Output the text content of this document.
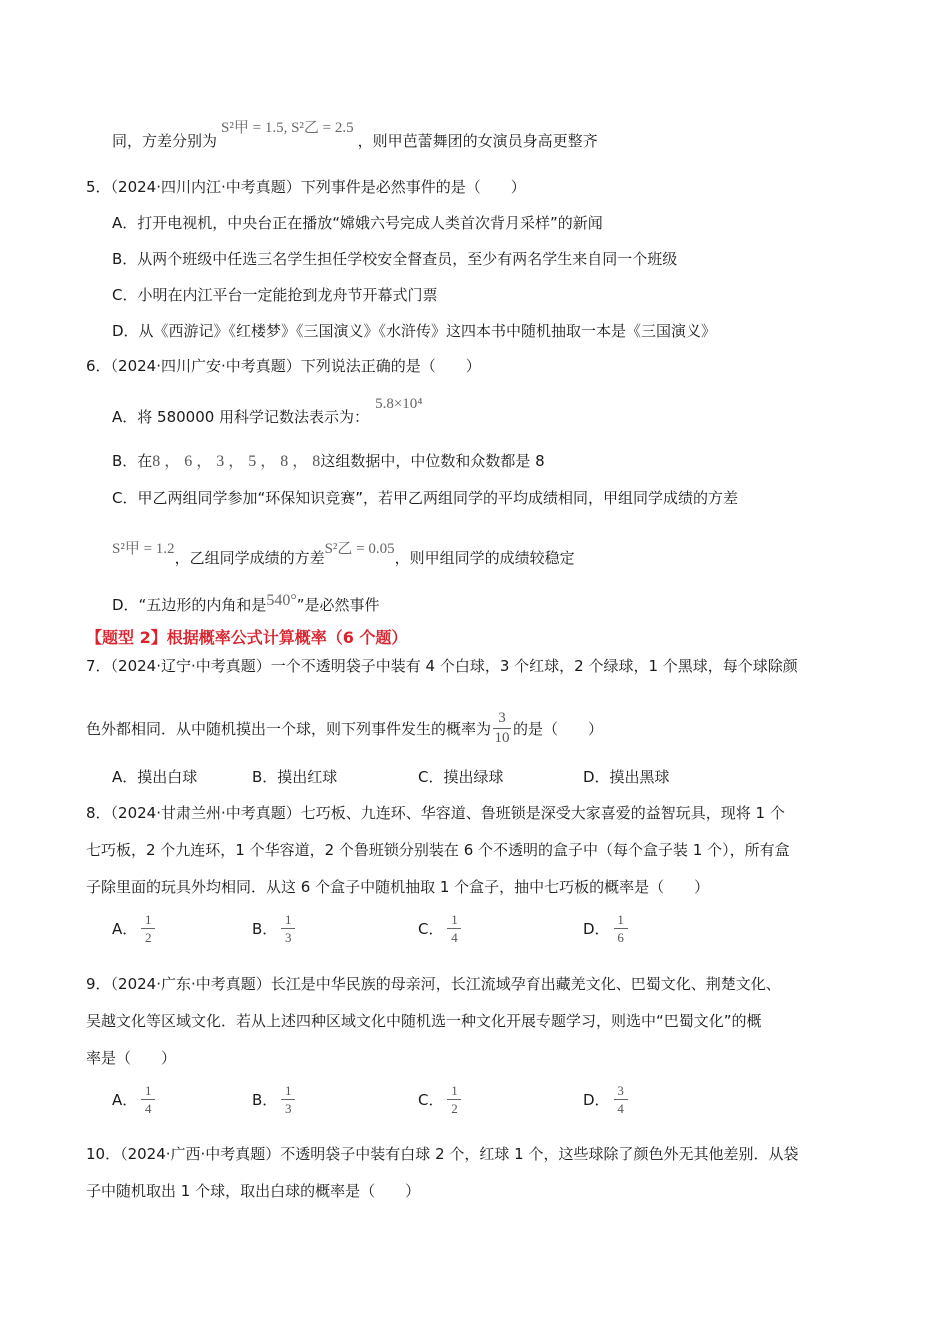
同，方差分别为S²甲 = 1.5, S²乙 = 2.5，则甲芭蕾舞团的女演员身高更整齐
5．（2024·四川内江·中考真题）下列事件是必然事件的是（　　）
A．打开电视机，中央台正在播放“嫦娥六号完成人类首次背月采样”的新闻
B．从两个班级中任选三名学生担任学校安全督查员，至少有两名学生来自同一个班级
C．小明在内江平台一定能抢到龙舟节开幕式门票
D．从《西游记》《红楼梦》《三国演义》《水浒传》这四本书中随机抽取一本是《三国演义》
6．（2024·四川广安·中考真题）下列说法正确的是（　　）
A．将 580000 用科学记数法表示为：5.8×10⁴
B．在8 ， 6 ， 3 ， 5 ， 8 ， 8这组数据中，中位数和众数都是 8
C．甲乙两组同学参加“环保知识竞赛”，若甲乙两组同学的平均成绩相同，甲组同学成绩的方差
S²甲 = 1.2，乙组同学成绩的方差S²乙 = 0.05，则甲组同学的成绩较稳定
D．“五边形的内角和是540°”是必然事件
【题型 2】根据概率公式计算概率（6 个题）
7．（2024·辽宁·中考真题）一个不透明袋子中装有 4 个白球，3 个红球，2 个绿球，1 个黑球，每个球除颜
色外都相同．从中随机摸出一个球，则下列事件发生的概率为 $\frac{3}{10}$ 的是（　　）
A．摸出白球	B．摸出红球	C．摸出绿球	D．摸出黑球
8．（2024·甘肃兰州·中考真题）七巧板、九连环、华容道、鲁班锁是深受大家喜爱的益智玩具，现将 1 个
七巧板，2 个九连环，1 个华容道，2 个鲁班锁分别装在 6 个不透明的盒子中（每个盒子装 1 个），所有盒
子除里面的玩具外均相同．从这 6 个盒子中随机抽取 1 个盒子，抽中七巧板的概率是（　　）
A． $\frac{1}{2}$	B． $\frac{1}{3}$	C． $\frac{1}{4}$	D． $\frac{1}{6}$
9．（2024·广东·中考真题）长江是中华民族的母亲河，长江流域孕育出藏羌文化、巴蜀文化、荆楚文化、
吴越文化等区域文化．若从上述四种区域文化中随机选一种文化开展专题学习，则选中“巴蜀文化”的概
率是（　　）
A． $\frac{1}{4}$	B． $\frac{1}{3}$	C． $\frac{1}{2}$	D． $\frac{3}{4}$
10．（2024·广西·中考真题）不透明袋子中装有白球 2 个，红球 1 个，这些球除了颜色外无其他差别．从袋
子中随机取出 1 个球，取出白球的概率是（　　）
